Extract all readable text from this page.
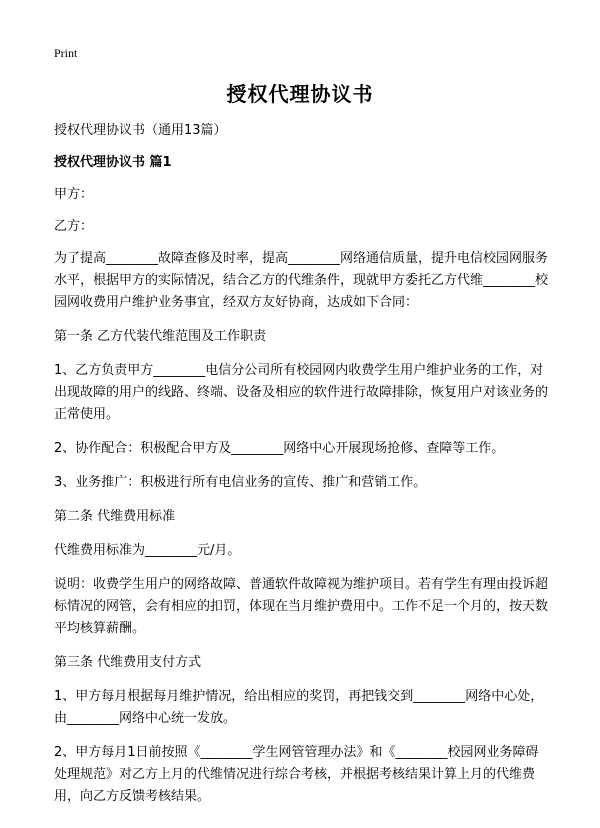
Print
授权代理协议书

授权代理协议书（通用13篇）

授权代理协议书 篇1

甲方：

乙方：

为了提高________故障查修及时率，提高________网络通信质量，提升电信校园网服务水平，根据甲方的实际情况，结合乙方的代维条件，现就甲方委托乙方代维________校园网收费用户维护业务事宜，经双方友好协商，达成如下合同：

第一条 乙方代装代维范围及工作职责

1、乙方负责甲方________电信分公司所有校园网内收费学生用户维护业务的工作，对出现故障的用户的线路、终端、设备及相应的软件进行故障排除，恢复用户对该业务的正常使用。

2、协作配合：积极配合甲方及________网络中心开展现场抢修、查障等工作。

3、业务推广：积极进行所有电信业务的宣传、推广和营销工作。

第二条 代维费用标准

代维费用标准为________元/月。

说明：收费学生用户的网络故障、普通软件故障视为维护项目。若有学生有理由投诉超标情况的网管，会有相应的扣罚，体现在当月维护费用中。工作不足一个月的，按天数平均核算薪酬。

第三条 代维费用支付方式

1、甲方每月根据每月维护情况，给出相应的奖罚，再把钱交到________网络中心处，由________网络中心统一发放。

2、甲方每月1日前按照《________学生网管管理办法》和《________校园网业务障碍处理规范》对乙方上月的代维情况进行综合考核，并根据考核结果计算上月的代维费用，向乙方反馈考核结果。
